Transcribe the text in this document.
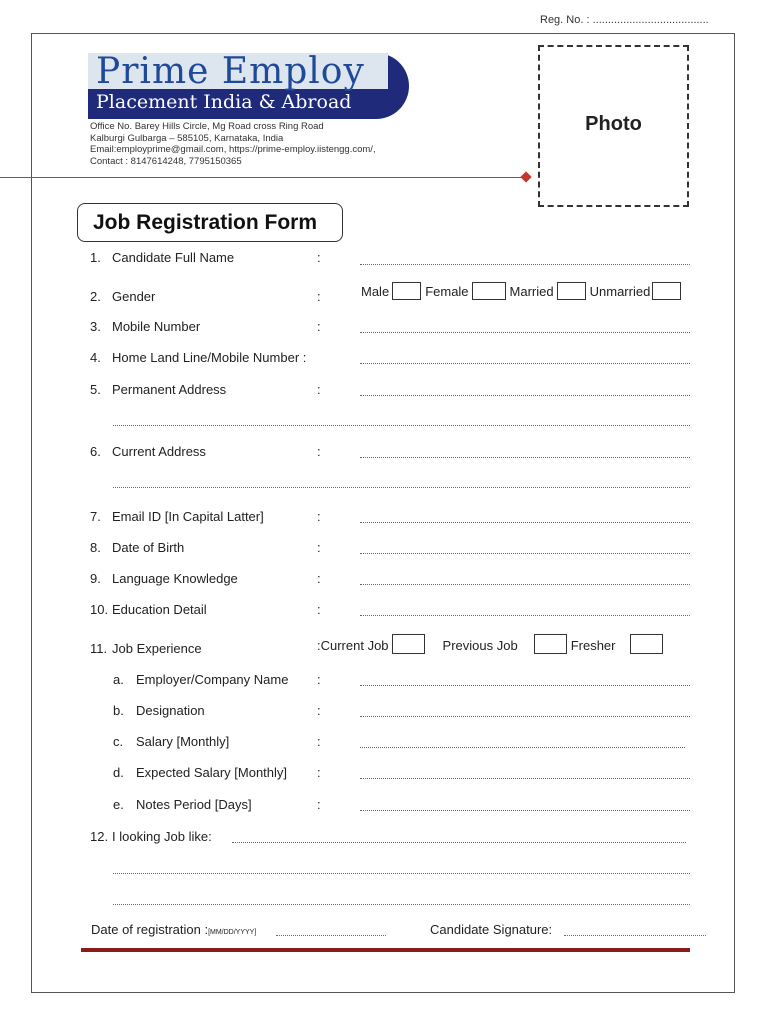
Reg. No. : ......................................
Prime Employ
Placement India & Abroad
Office No. Barey Hills Circle, Mg Road cross Ring Road
Kalburgi Gulbarga – 585105, Karnataka, India
Email:employprime@gmail.com, https://prime-employ.iistengg.com/,
Contact : 8147614248, 7795150365
Photo
Job Registration Form
1. Candidate Full Name	:
2. Gender	:	Male	Female	Married	Unmarried
3. Mobile Number	:
4. Home Land Line/Mobile Number :
5. Permanent Address	:
6. Current Address	:
7. Email ID [In Capital Latter]	:
8. Date of Birth	:
9. Language Knowledge	:
10. Education Detail	:
11. Job Experience	:Current Job	Previous Job	Fresher
a. Employer/Company Name :
b. Designation	:
c. Salary [Monthly]	:
d. Expected Salary [Monthly] :
e. Notes Period [Days]	:
12. I looking Job like:
Date of registration :[MM/DD/YYYY]	Candidate Signature:
